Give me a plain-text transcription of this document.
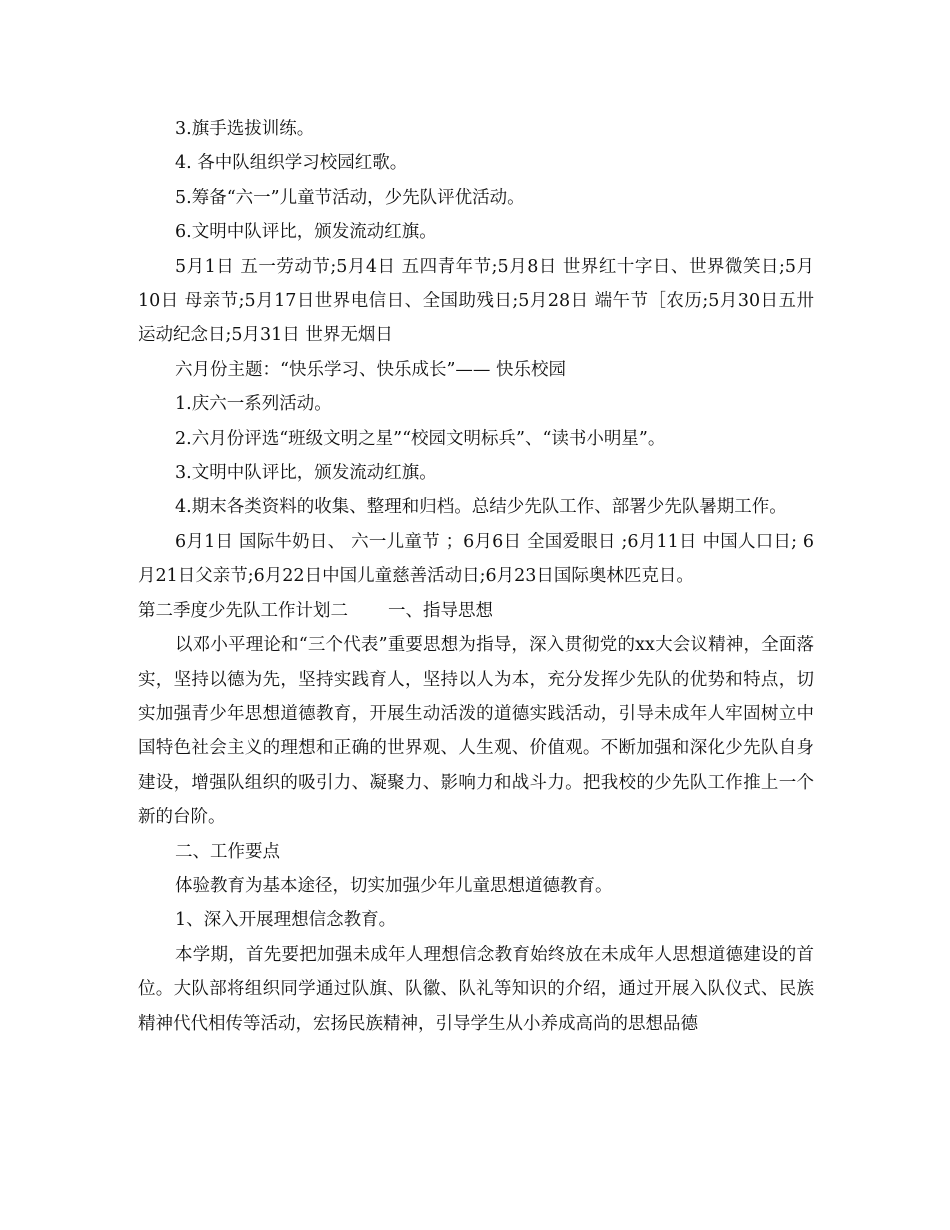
3.旗手选拔训练。
4. 各中队组织学习校园红歌。
5.筹备“六一”儿童节活动，少先队评优活动。
6.文明中队评比，颁发流动红旗。

5月1日 五一劳动节;5月4日 五四青年节;5月8日 世界红十字日、世界微笑日;5月10日 母亲节;5月17日世界电信日、全国助残日;5月28日 端午节［农历;5月30日五卅运动纪念日;5月31日 世界无烟日

六月份主题：“快乐学习、快乐成长”—— 快乐校园
1.庆六一系列活动。
2.六月份评选“班级文明之星”“校园文明标兵”、“读书小明星”。
3.文明中队评比，颁发流动红旗。
4.期末各类资料的收集、整理和归档。总结少先队工作、部署少先队暑期工作。

6月1日 国际牛奶日、 六一儿童节 ；6月6日 全国爱眼日 ;6月11日 中国人口日; 6月21日父亲节;6月22日中国儿童慈善活动日;6月23日国际奥林匹克日。

第二季度少先队工作计划二 一、指导思想

以邓小平理论和“三个代表”重要思想为指导，深入贯彻党的xx大会议精神，全面落实，坚持以德为先，坚持实践育人，坚持以人为本，充分发挥少先队的优势和特点，切实加强青少年思想道德教育，开展生动活泼的道德实践活动，引导未成年人牢固树立中国特色社会主义的理想和正确的世界观、人生观、价值观。不断加强和深化少先队自身建设，增强队组织的吸引力、凝聚力、影响力和战斗力。把我校的少先队工作推上一个新的台阶。

二、工作要点
体验教育为基本途径，切实加强少年儿童思想道德教育。
1、深入开展理想信念教育。

本学期，首先要把加强未成年人理想信念教育始终放在未成年人思想道德建设的首位。大队部将组织同学通过队旗、队徽、队礼等知识的介绍，通过开展入队仪式、民族精神代代相传等活动，宏扬民族精神，引导学生从小养成高尚的思想品德
